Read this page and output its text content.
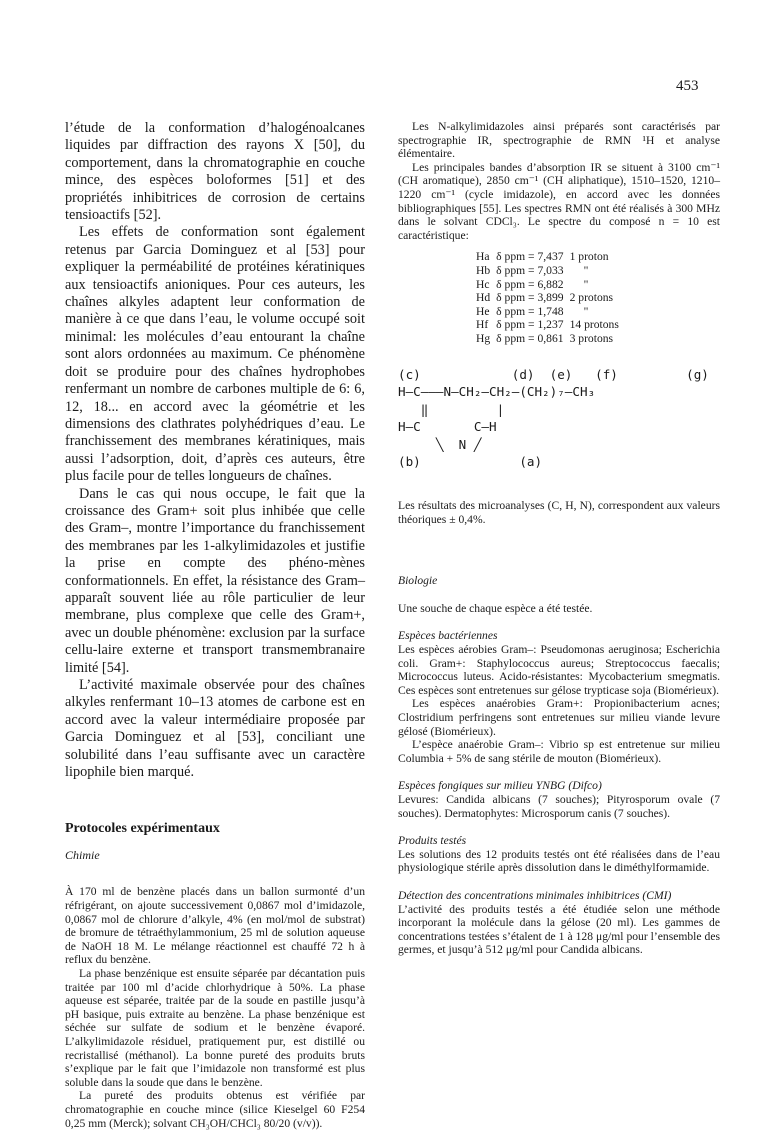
453

l’étude de la conformation d’halogénoalcanes liquides par diffraction des rayons X [50], du comportement, dans la chromatographie en couche mince, des espèces boloformes [51] et des propriétés inhibitrices de corrosion de certains tensioactifs [52].

Les effets de conformation sont également retenus par Garcia Dominguez et al [53] pour expliquer la perméabilité de protéines kératiniques aux tensioactifs anioniques. Pour ces auteurs, les chaînes alkyles adaptent leur conformation de manière à ce que dans l’eau, le volume occupé soit minimal: les molécules d’eau entourant la chaîne sont alors ordonnées au maximum. Ce phénomène doit se produire pour des chaînes hydrophobes renfermant un nombre de carbones multiple de 6: 6, 12, 18... en accord avec la géométrie et les dimensions des clathrates polyhédriques d’eau. Le franchissement des membranes kératiniques, mais aussi l’adsorption, doit, d’après ces auteurs, être plus facile pour de telles longueurs de chaînes.

Dans le cas qui nous occupe, le fait que la croissance des Gram+ soit plus inhibée que celle des Gram–, montre l’importance du franchissement des membranes par les 1-alkylimidazoles et justifie la prise en compte des phéno-mènes conformationnels. En effet, la résistance des Gram– apparaît souvent liée au rôle particulier de leur membrane, plus complexe que celle des Gram+, avec un double phénomène: exclusion par la surface cellu-laire externe et transport transmembranaire limité [54].

L’activité maximale observée pour des chaînes alkyles renfermant 10–13 atomes de carbone est en accord avec la valeur intermédiaire proposée par Garcia Dominguez et al [53], conciliant une solubilité dans l’eau suffisante avec un caractère lipophile bien marqué.

Protocoles expérimentaux

Chimie

À 170 ml de benzène placés dans un ballon surmonté d’un réfrigérant, on ajoute successivement 0,0867 mol d’imidazole, 0,0867 mol de chlorure d’alkyle, 4% (en mol/mol de substrat) de bromure de tétraéthylammonium, 25 ml de solution aqueuse de NaOH 18 M. Le mélange réactionnel est chauffé 72 h à reflux du benzène.

La phase benzénique est ensuite séparée par décantation puis traitée par 100 ml d’acide chlorhydrique à 50%. La phase aqueuse est séparée, traitée par de la soude en pastille jusqu’à pH basique, puis extraite au benzène. La phase benzénique est séchée sur sulfate de sodium et le benzène évaporé. L’alkylimidazole résiduel, pratiquement pur, est distillé ou recristallisé (méthanol). La bonne pureté des produits bruts s’explique par le fait que l’imidazole non transformé est plus soluble dans la soude que dans le benzène.

La pureté des produits obtenus est vérifiée par chromatographie en couche mince (silice Kieselgel 60 F254 0,25 mm (Merck); solvant CH₃OH/CHCl₃ 80/20 (v/v)).

Les N-alkylimidazoles ainsi préparés sont caractérisés par spectrographie IR, spectrographie de RMN ¹H et analyse élémentaire.

Les principales bandes d’absorption IR se situent à 3100 cm⁻¹ (CH aromatique), 2850 cm⁻¹ (CH aliphatique), 1510–1520, 1210–1220 cm⁻¹ (cycle imidazole), en accord avec les données bibliographiques [55]. Les spectres RMN ont été réalisés à 300 MHz dans le solvant CDCl₃. Le spectre du composé n = 10 est caractéristique:

Ha	δ ppm = 7,437	1 proton
Hb	δ ppm = 7,033	"
Hc	δ ppm = 6,882	"
Hd	δ ppm = 3,899	2 protons
He	δ ppm = 1,748	"
Hf	δ ppm = 1,237	14 protons
Hg	δ ppm = 0,861	3 protons
(c)            (d)  (e)   (f)         (g)
H—C———N—CH₂—CH₂—(CH₂)₇—CH₃
‖         |
H—C       C—H
╲  N ╱
(b)             (a)

Les résultats des microanalyses (C, H, N), correspondent aux valeurs théoriques ± 0,4%.

Biologie

Une souche de chaque espèce a été testée.

Espèces bactériennes

Les espèces aérobies Gram–: Pseudomonas aeruginosa; Escherichia coli. Gram+: Staphylococcus aureus; Streptococcus faecalis; Micrococcus luteus. Acido-résistantes: Mycobacterium smegmatis. Ces espèces sont entretenues sur gélose trypticase soja (Biomérieux).

Les espèces anaérobies Gram+: Propionibacterium acnes; Clostridium perfringens sont entretenues sur milieu viande levure gélosé (Biomérieux).

L’espèce anaérobie Gram–: Vibrio sp est entretenue sur milieu Columbia + 5% de sang stérile de mouton (Biomérieux).

Espèces fongiques sur milieu YNBG (Difco)

Levures: Candida albicans (7 souches); Pityrosporum ovale (7 souches). Dermatophytes: Microsporum canis (7 souches).

Produits testés

Les solutions des 12 produits testés ont été réalisées dans de l’eau physiologique stérile après dissolution dans le diméthylformamide.

Détection des concentrations minimales inhibitrices (CMI)

L’activité des produits testés a été étudiée selon une méthode incorporant la molécule dans la gélose (20 ml). Les gammes de concentrations testées s’étalent de 1 à 128 μg/ml pour l’ensemble des germes, et jusqu’à 512 μg/ml pour Candida albicans.
